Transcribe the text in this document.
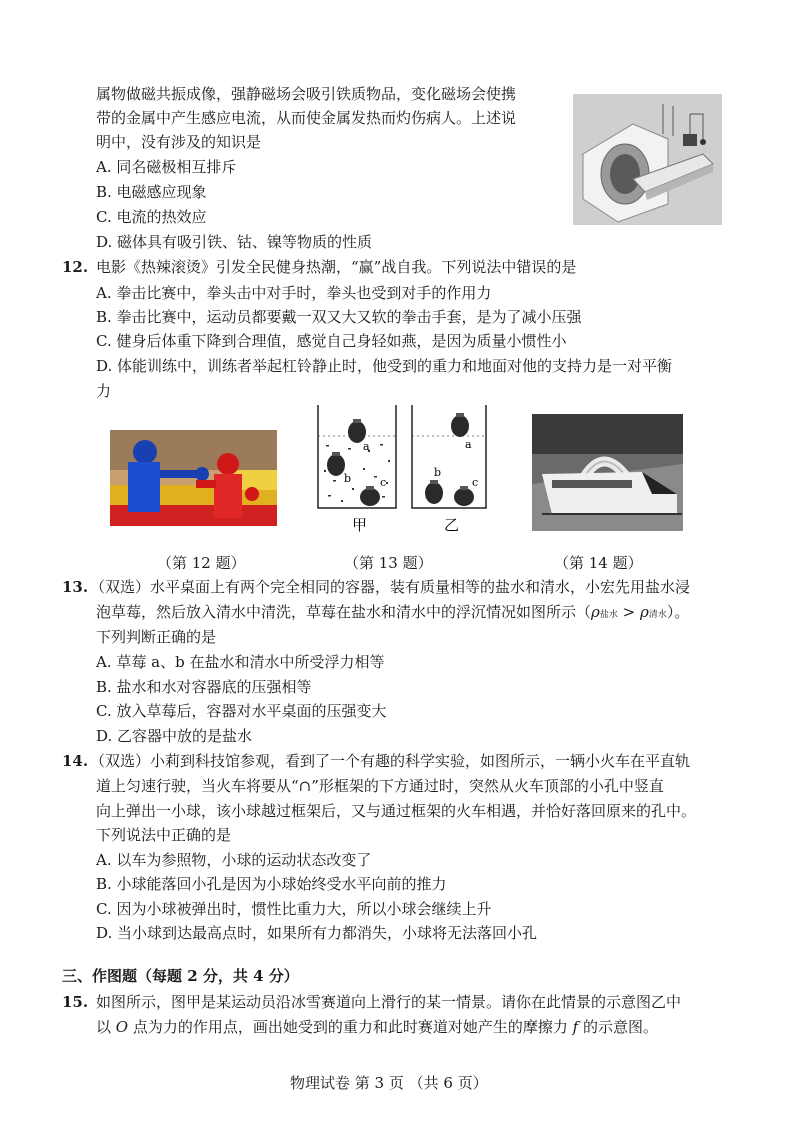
属物做磁共振成像，强静磁场会吸引铁质物品，变化磁场会使携
带的金属中产生感应电流，从而使金属发热而灼伤病人。上述说
明中，没有涉及的知识是
A. 同名磁极相互排斥
B. 电磁感应现象
C. 电流的热效应
D. 磁体具有吸引铁、钴、镍等物质的性质
12. 电影《热辣滚烫》引发全民健身热潮，“赢”战自我。下列说法中错误的是
A. 拳击比赛中，拳头击中对手时，拳头也受到对手的作用力
B. 拳击比赛中，运动员都要戴一双又大又软的拳击手套，是为了减小压强
C. 健身后体重下降到合理值，感觉自己身轻如燕，是因为质量小惯性小
D. 体能训练中，训练者举起杠铃静止时，他受到的重力和地面对他的支持力是一对平衡
力
（第 12 题）
a
b	c
甲
a
b
c
乙
（第 13 题）	（第 14 题）
13. （双选）水平桌面上有两个完全相同的容器，装有质量相等的盐水和清水，小宏先用盐水浸
泡草莓，然后放入清水中清洗，草莓在盐水和清水中的浮沉情况如图所示（ρ盐水 > ρ清水）。
下列判断正确的是
A. 草莓 a、b 在盐水和清水中所受浮力相等
B. 盐水和水对容器底的压强相等
C. 放入草莓后，容器对水平桌面的压强变大
D. 乙容器中放的是盐水
14. （双选）小莉到科技馆参观，看到了一个有趣的科学实验，如图所示，一辆小火车在平直轨
道上匀速行驶，当火车将要从“∩”形框架的下方通过时，突然从火车顶部的小孔中竖直
向上弹出一小球，该小球越过框架后，又与通过框架的火车相遇，并恰好落回原来的孔中。
下列说法中正确的是
A. 以车为参照物，小球的运动状态改变了
B. 小球能落回小孔是因为小球始终受水平向前的推力
C. 因为小球被弹出时，惯性比重力大，所以小球会继续上升
D. 当小球到达最高点时，如果所有力都消失，小球将无法落回小孔
三、作图题（每题 2 分，共 4 分）
15. 如图所示，图甲是某运动员沿冰雪赛道向上滑行的某一情景。请你在此情景的示意图乙中
以 O 点为力的作用点，画出她受到的重力和此时赛道对她产生的摩擦力 f 的示意图。
物理试卷 第 3 页 （共 6 页）
